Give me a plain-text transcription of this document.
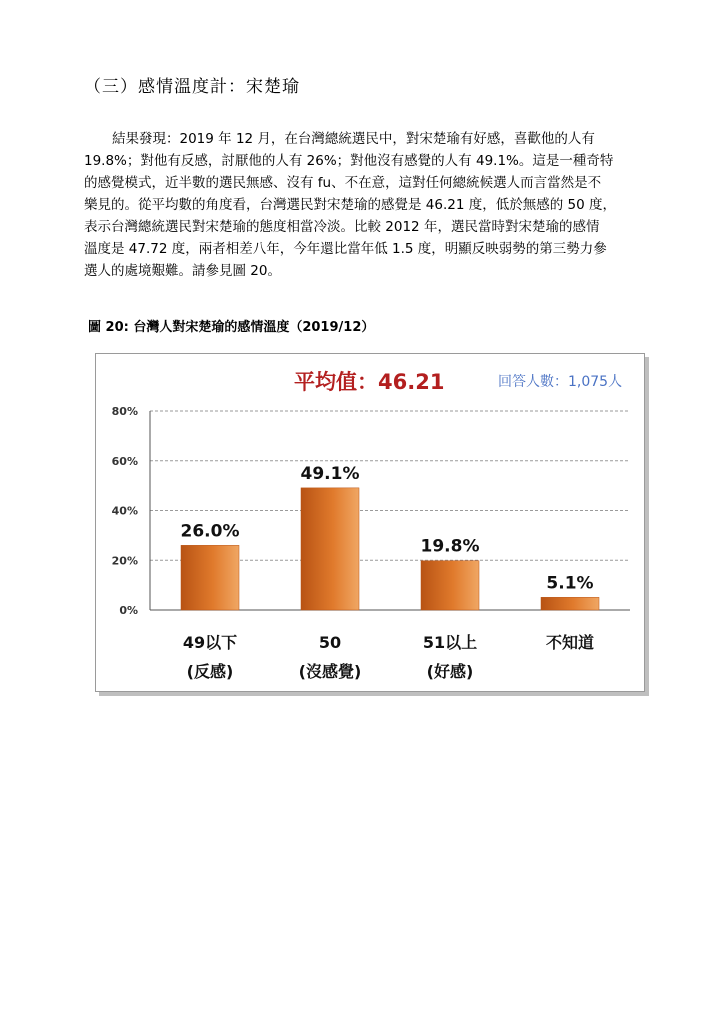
（三）感情溫度計：宋楚瑜
結果發現：2019 年 12 月，在台灣總統選民中，對宋楚瑜有好感，喜歡他的人有
19.8%；對他有反感，討厭他的人有 26%；對他沒有感覺的人有 49.1%。這是一種奇特
的感覺模式，近半數的選民無感、沒有 fu、不在意，這對任何總統候選人而言當然是不
樂見的。從平均數的角度看，台灣選民對宋楚瑜的感覺是 46.21 度，低於無感的 50 度，
表示台灣總統選民對宋楚瑜的態度相當冷淡。比較 2012 年，選民當時對宋楚瑜的感情
溫度是 47.72 度，兩者相差八年，今年還比當年低 1.5 度，明顯反映弱勢的第三勢力參
選人的處境艱難。請參見圖 20。
圖 20: 台灣人對宋楚瑜的感情溫度（2019/12）
平均值：46.21	回答人數：1,075人
0%
20%
40%
60%
80%
26.0%
49.1%
19.8%
5.1%
49以下
(反感)
50
(沒感覺)
51以上
(好感)
不知道
